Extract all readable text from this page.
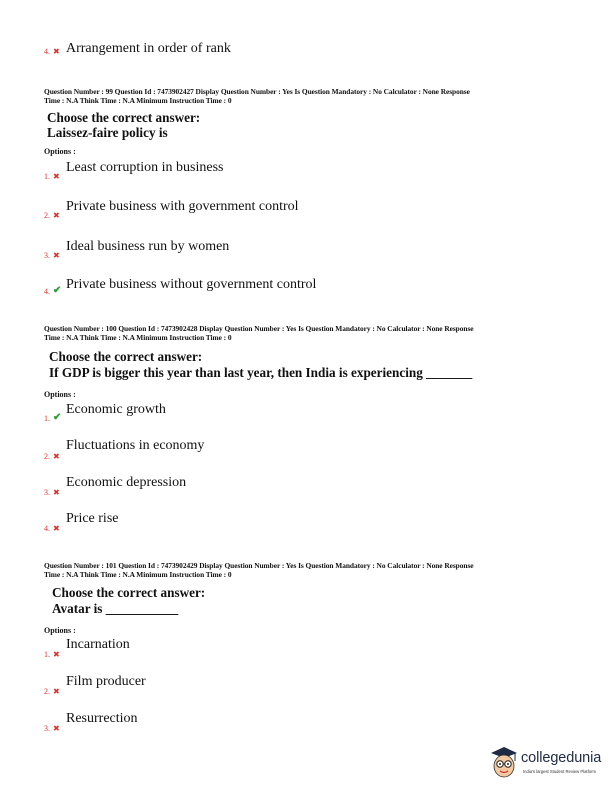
4. ✖ Arrangement in order of rank
Question Number : 99 Question Id : 7473902427 Display Question Number : Yes Is Question Mandatory : No Calculator : None Response
Time : N.A Think Time : N.A Minimum Instruction Time : 0
Choose the correct answer:
Laissez-faire policy is
Options :
1. ✖
Least corruption in business
2. ✖
Private business with government control
3. ✖
Ideal business run by women
4. ✔ Private business without government control
Question Number : 100 Question Id : 7473902428 Display Question Number : Yes Is Question Mandatory : No Calculator : None Response
Time : N.A Think Time : N.A Minimum Instruction Time : 0
Choose the correct answer:
If GDP is bigger this year than last year, then India is experiencing _______
Options :
1. ✔
Economic growth
2. ✖
Fluctuations in economy
3. ✖
Economic depression
4. ✖
Price rise
Question Number : 101 Question Id : 7473902429 Display Question Number : Yes Is Question Mandatory : No Calculator : None Response
Time : N.A Think Time : N.A Minimum Instruction Time : 0
Choose the correct answer:
Avatar is ___________
Options :
1. ✖
Incarnation
2. ✖
Film producer
3. ✖
Resurrection
collegedunia
India's largest Student Review Platform
